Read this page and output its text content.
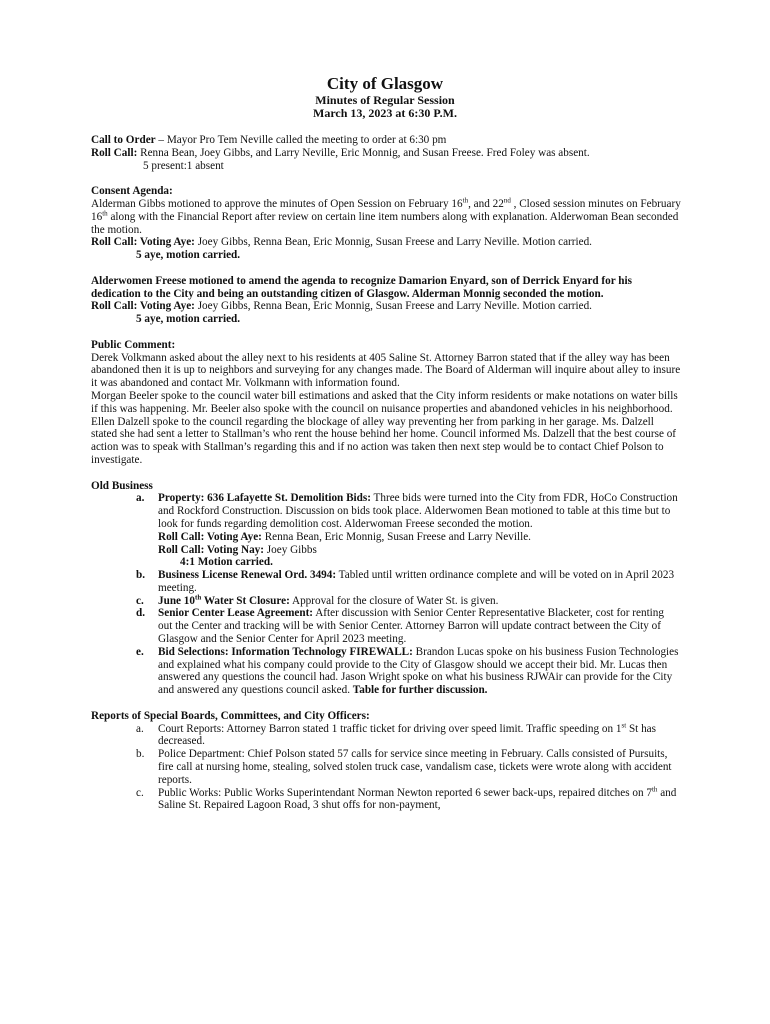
City of Glasgow
Minutes of Regular Session
March 13, 2023 at 6:30 P.M.

Call to Order – Mayor Pro Tem Neville called the meeting to order at 6:30 pm

Roll Call: Renna Bean, Joey Gibbs, and Larry Neville, Eric Monnig, and Susan Freese. Fred Foley was absent.

5 present:1 absent

Consent Agenda:

Alderman Gibbs motioned to approve the minutes of Open Session on February 16th, and 22nd , Closed session minutes on February 16th along with the Financial Report after review on certain line item numbers along with explanation. Alderwoman Bean seconded the motion.

Roll Call: Voting Aye: Joey Gibbs, Renna Bean, Eric Monnig, Susan Freese and Larry Neville. Motion carried.

5 aye, motion carried.

Alderwomen Freese motioned to amend the agenda to recognize Damarion Enyard, son of Derrick Enyard for his dedication to the City and being an outstanding citizen of Glasgow. Alderman Monnig seconded the motion.

Roll Call: Voting Aye: Joey Gibbs, Renna Bean, Eric Monnig, Susan Freese and Larry Neville. Motion carried.

5 aye, motion carried.

Public Comment:

Derek Volkmann asked about the alley next to his residents at 405 Saline St. Attorney Barron stated that if the alley way has been abandoned then it is up to neighbors and surveying for any changes made. The Board of Alderman will inquire about alley to insure it was abandoned and contact Mr. Volkmann with information found.

Morgan Beeler spoke to the council water bill estimations and asked that the City inform residents or make notations on water bills if this was happening. Mr. Beeler also spoke with the council on nuisance properties and abandoned vehicles in his neighborhood.

Ellen Dalzell spoke to the council regarding the blockage of alley way preventing her from parking in her garage. Ms. Dalzell stated she had sent a letter to Stallman’s who rent the house behind her home. Council informed Ms. Dalzell that the best course of action was to speak with Stallman’s regarding this and if no action was taken then next step would be to contact Chief Polson to investigate.

Old Business

a. Property: 636 Lafayette St. Demolition Bids: Three bids were turned into the City from FDR, HoCo Construction and Rockford Construction. Discussion on bids took place. Alderwomen Bean motioned to table at this time but to look for funds regarding demolition cost. Alderwoman Freese seconded the motion.

Roll Call: Voting Aye: Renna Bean, Eric Monnig, Susan Freese and Larry Neville.

Roll Call: Voting Nay: Joey Gibbs

4:1 Motion carried.

b. Business License Renewal Ord. 3494: Tabled until written ordinance complete and will be voted on in April 2023 meeting.
c. June 10th Water St Closure: Approval for the closure of Water St. is given.
d. Senior Center Lease Agreement: After discussion with Senior Center Representative Blacketer, cost for renting out the Center and tracking will be with Senior Center. Attorney Barron will update contract between the City of Glasgow and the Senior Center for April 2023 meeting.
e. Bid Selections: Information Technology FIREWALL: Brandon Lucas spoke on his business Fusion Technologies and explained what his company could provide to the City of Glasgow should we accept their bid. Mr. Lucas then answered any questions the council had. Jason Wright spoke on what his business RJWAir can provide for the City and answered any questions council asked. Table for further discussion.

Reports of Special Boards, Committees, and City Officers:

a. Court Reports: Attorney Barron stated 1 traffic ticket for driving over speed limit. Traffic speeding on 1st St has decreased.
b. Police Department: Chief Polson stated 57 calls for service since meeting in February. Calls consisted of Pursuits, fire call at nursing home, stealing, solved stolen truck case, vandalism case, tickets were wrote along with accident reports.
c. Public Works: Public Works Superintendant Norman Newton reported 6 sewer back-ups, repaired ditches on 7th and Saline St. Repaired Lagoon Road, 3 shut offs for non-payment,
